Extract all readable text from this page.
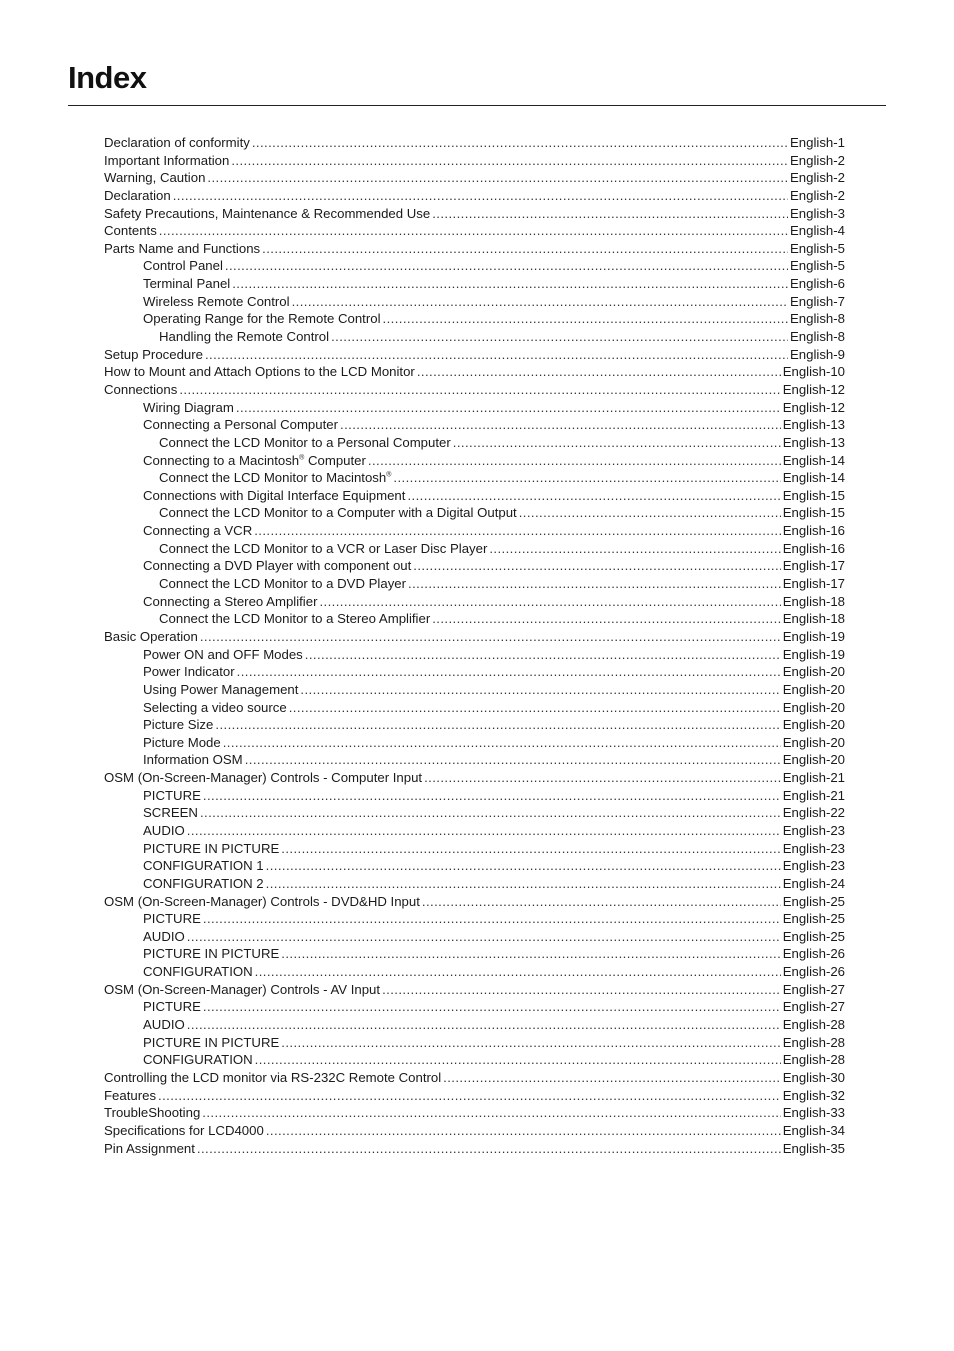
Index
Declaration of conformity .....	English-1
Important Information .....	English-2
Warning, Caution .....	English-2
Declaration .....	English-2
Safety Precautions, Maintenance & Recommended Use .....	English-3
Contents .....	English-4
Parts Name and Functions .....	English-5
Control Panel .....	English-5
Terminal Panel .....	English-6
Wireless Remote Control .....	English-7
Operating Range for the Remote Control .....	English-8
Handling the Remote Control .....	English-8
Setup Procedure .....	English-9
How to Mount and Attach Options to the LCD Monitor .....	English-10
Connections .....	English-12
Wiring Diagram .....	English-12
Connecting a Personal Computer .....	English-13
Connect the LCD Monitor to a Personal Computer .....	English-13
Connecting to a Macintosh® Computer .....	English-14
Connect the LCD Monitor to Macintosh® .....	English-14
Connections with Digital Interface Equipment .....	English-15
Connect the LCD Monitor to a Computer with a Digital Output .....	English-15
Connecting a VCR .....	English-16
Connect the LCD Monitor to a VCR or Laser Disc Player .....	English-16
Connecting a DVD Player with component out .....	English-17
Connect the LCD Monitor to a DVD Player .....	English-17
Connecting a Stereo Amplifier .....	English-18
Connect the LCD Monitor to a Stereo Amplifier .....	English-18
Basic Operation .....	English-19
Power ON and OFF Modes .....	English-19
Power Indicator .....	English-20
Using Power Management .....	English-20
Selecting a video source .....	English-20
Picture Size .....	English-20
Picture Mode .....	English-20
Information OSM .....	English-20
OSM (On-Screen-Manager) Controls - Computer Input .....	English-21
PICTURE .....	English-21
SCREEN .....	English-22
AUDIO .....	English-23
PICTURE IN PICTURE .....	English-23
CONFIGURATION 1 .....	English-23
CONFIGURATION 2 .....	English-24
OSM (On-Screen-Manager) Controls - DVD&HD Input .....	English-25
PICTURE .....	English-25
AUDIO .....	English-25
PICTURE IN PICTURE .....	English-26
CONFIGURATION .....	English-26
OSM (On-Screen-Manager) Controls - AV Input .....	English-27
PICTURE .....	English-27
AUDIO .....	English-28
PICTURE IN PICTURE .....	English-28
CONFIGURATION .....	English-28
Controlling the LCD monitor via RS-232C Remote Control .....	English-30
Features .....	English-32
TroubleShooting .....	English-33
Specifications for LCD4000 .....	English-34
Pin Assignment .....	English-35
